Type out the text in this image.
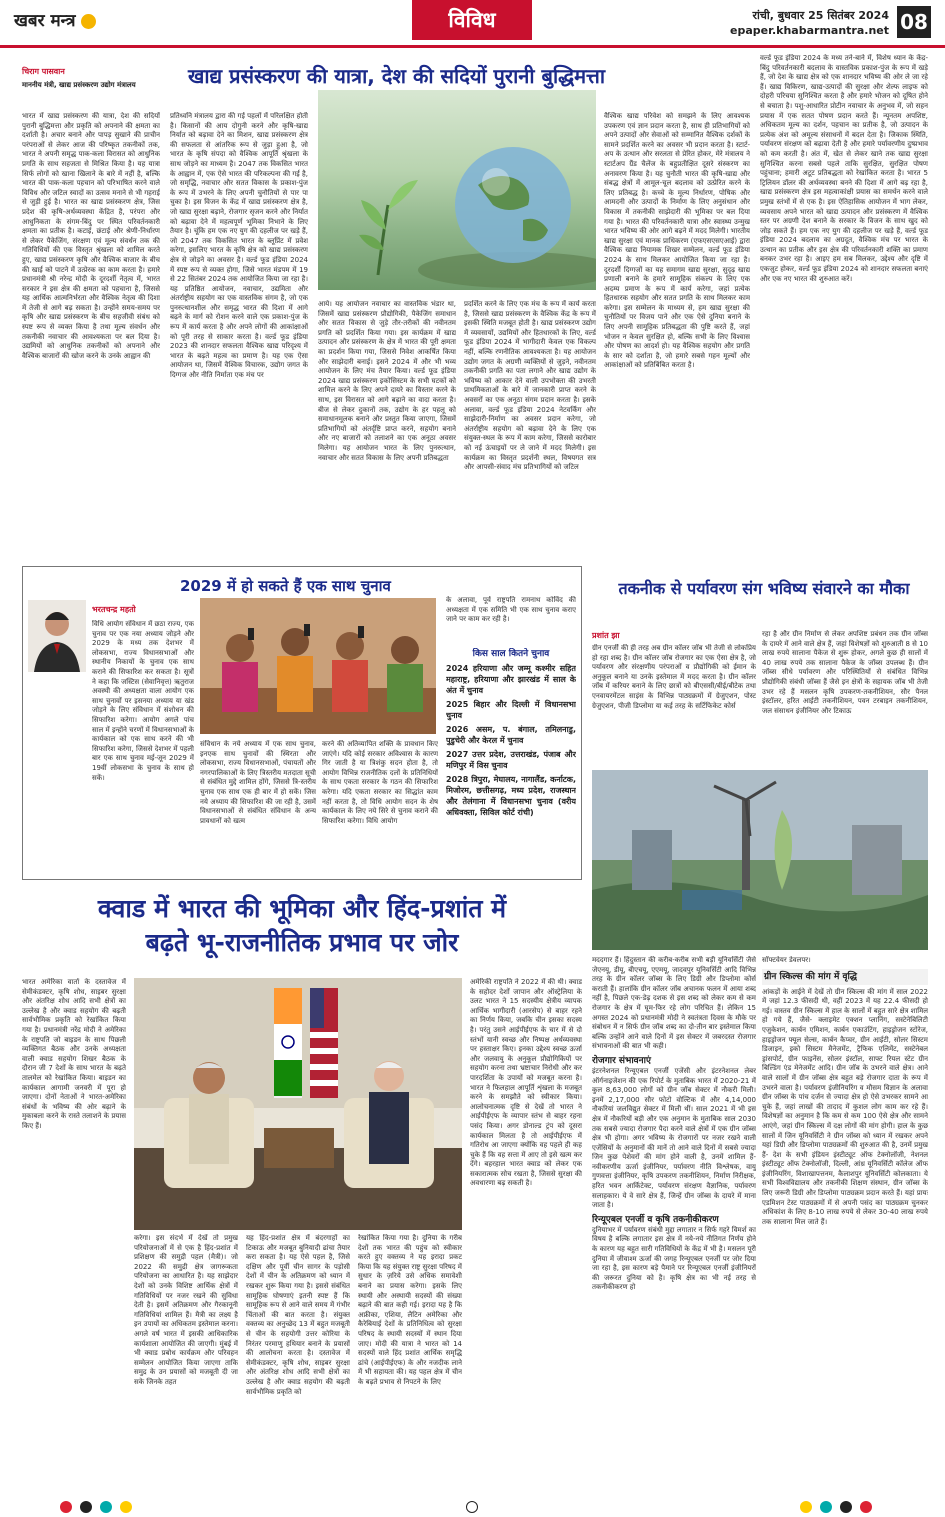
खबर मन्त्र	विविध	रांची, बुधवार 25 सितंबर 2024
epaper.khabarmantra.net 08
चिराग पासवान
माननीय मंत्री, खाद्य प्रसंस्करण उद्योग मंत्रालय	खाद्य प्रसंस्करण की यात्रा, देश की सदियों पुरानी बुद्धिमत्ता
भारत में खाद्य प्रसंस्करण की यात्रा, देश की सदियों पुरानी बुद्धिमत्ता और प्रकृति को अपनाने की क्षमता का दर्शाती है। अचार बनाने और पापड़ सुखाने की प्राचीन परंपराओं से लेकर आज की परिष्कृत तकनीकों तक, भारत ने अपनी समृद्ध पाक-कला विरासत को आधुनिक प्रगति के साथ सहजता से मिश्रित किया है। यह यात्रा सिर्फ लोगों को खाना खिलाने के बारे में नहीं है, बल्कि भारत की पाक-कला पहचान को परिभाषित करने वाले विविध और जटिल स्वादों का उत्सव मनाने से भी गहराई से जुड़ी हुई है। भारत का खाद्य प्रसंस्करण क्षेत्र, जिस प्रदेश की कृषि-अर्थव्यवस्था केंद्रित है, परंपरा और आधुनिकता के संगम-बिंदु पर स्थित परिवर्तनकारी क्षमता का प्रतीक है। कटाई, छंटाई और श्रेणी-निर्धारण से लेकर पैकेजिंग, संरक्षण एवं मूल्य संवर्धन तक की गतिविधियों की एक विस्तृत श्रृंखला को शामिल करते हुए, खाद्य प्रसंस्करण कृषि और वैश्विक बाजार के बीच की खाई को पाटने में उत्प्रेरक का काम करता है। हमारे प्रधानमंत्री श्री नरेन्द्र मोदी के दूरदर्शी नेतृत्व में, भारत सरकार ने इस क्षेत्र की क्षमता को पहचाना है, जिससे यह आर्थिक आत्मनिर्भरता और वैश्विक नेतृत्व की दिशा में तेजी से आगे बढ़ सकता है। उन्होंने समय-समय पर कृषि और खाद्य प्रसंस्करण के बीच सहजीवी संबंध को स्पष्ट रूप से व्यक्त किया है तथा मूल्य संवर्धन और तकनीकी नवाचार की आवश्यकता पर बल दिया है। उद्यमियों को आधुनिक तकनीकों को अपनाने और वैश्विक बाजारों की खोज करने के उनके आह्वान की
प्रतिध्वनि मंत्रालय द्वारा की गई पहलों में परिलक्षित होती है। किसानों की आय दोगुनी करने और कृषि-खाद्य निर्यात को बढ़ावा देने का मिशन, खाद्य प्रसंस्करण क्षेत्र की सफलता से आंतरिक रूप से जुड़ा हुआ है, जो भारत के कृषि संपदा को वैश्विक आपूर्ति श्रृंखला के साथ जोड़ने का माध्यम है। 2047 तक विकसित भारत के आह्वान में, एक ऐसे भारत की परिकल्पना की गई है, जो समृद्धि, नवाचार और सतत विकास के प्रकाश-पुंज के रूप में उभरने के लिए अपनी चुनौतियों से पार पा चुका है। इस विजन के केंद्र में खाद्य प्रसंस्करण क्षेत्र है, जो खाद्य सुरक्षा बढ़ाने, रोजगार सृजन करने और निर्यात को बढ़ावा देने में महत्वपूर्ण भूमिका निभाने के लिए तैयार है। चूंकि हम एक नए युग की दहलीज पर खड़े हैं, जो 2047 तक विकसित भारत के ब्लूप्रिंट में प्रवेश करेगा, इसलिए भारत के कृषि क्षेत्र को खाद्य प्रसंस्करण क्षेत्र से जोड़ने का अवसर है। वर्ल्ड फूड इंडिया 2024 में स्पष्ट रूप से व्यक्त होगा, जिसे भारत मंडपम में 19 से 22 सितंबर 2024 तक आयोजित किया जा रहा है। यह प्रतिष्ठित आयोजन, नवाचार, उद्यमिता और अंतर्राष्ट्रीय सहयोग का एक वास्तविक संगम है, जो एक पुनरुत्थानशील और समृद्ध भारत की दिशा में आगे बढ़ने के मार्ग को रोशन करने वाले एक प्रकाश-पुंज के रूप में कार्य करता है और अपने लोगों की आकांक्षाओं को पूरी तरह से साकार करता है। वर्ल्ड फूड इंडिया 2023 की शानदार सफलता वैश्विक खाद्य परिदृश्य में भारत के बढ़ते महत्व का प्रमाण है। यह एक ऐसा आयोजन था, जिसमें वैश्विक विचारक, उद्योग जगत के दिग्गज और नीति निर्माता एक मंच पर
आये। यह आयोजन नवाचार का वास्तविक भंडार था, जिसमें खाद्य प्रसंस्करण प्रौद्योगिकी, पैकेजिंग समाधान और सतत विकास से जुड़े तौर-तरीकों की नवीनतम प्रगति को प्रदर्शित किया गया। इस कार्यक्रम में खाद्य उत्पादन और प्रसंस्करण के क्षेत्र में भारत की पूरी क्षमता का प्रदर्शन किया गया, जिससे निवेश आकर्षित किया और साझेदारी बनाई। इसने 2024 में और भी भव्य आयोजन के लिए मंच तैयार किया। वर्ल्ड फूड इंडिया 2024 खाद्य प्रसंस्करण इकोसिस्टम के सभी घटकों को शामिल करने के लिए अपने दायरे का विस्तार करने के साथ, इस विरासत को आगे बढ़ाने का वादा करता है। बीज से लेकर दुकानों तक, उद्योग के हर पहलू को समाधानमूलक बनाने और प्रस्तुत किया जाएगा, जिसमें प्रतिभागियों को अंतर्दृष्टि प्राप्त करने, सहयोग बनाने और नए बाजारों को तलाशने का एक अनूठा अवसर मिलेगा। यह आयोजन भारत के लिए पुनरुत्थान, नवाचार और सतत विकास के लिए अपनी प्रतिबद्धता
प्रदर्शित करने के लिए एक मंच के रूप में कार्य करता है, जिससे खाद्य प्रसंस्करण के वैश्विक केंद्र के रूप में इसकी स्थिति मजबूत होती है। खाद्य प्रसंस्करण उद्योग में व्यवसायों, उद्यमियों और हितधारकों के लिए, वर्ल्ड फूड इंडिया 2024 में भागीदारी केवल एक विकल्प नहीं, बल्कि रणनीतिक आवश्यकता है। यह आयोजन उद्योग जगत के अग्रणी व्यक्तियों से जुड़ने, नवीनतम तकनीकी प्रगति का पता लगाने और खाद्य उद्योग के भविष्य को आकार देने वाली उपभोक्ता की उभरती प्राथमिकताओं के बारे में जानकारी प्राप्त करने के अवसरों का एक अनूठा संगम प्रदान करता है। इसके अलावा, वर्ल्ड फूड इंडिया 2024 नेटवर्किंग और साझेदारी-निर्माण का अवसर प्रदान करेगा, जो अंतर्राष्ट्रीय सहयोग को बढ़ावा देने के लिए एक संयुक्त-स्थल के रूप में काम करेगा, जिससे कारोबार को नई ऊंचाइयों पर ले जाने में मदद मिलेगी। इस कार्यक्रम का विस्तृत प्रदर्शनी स्थल, विषयगत सत्र और आपसी-संवाद मंच प्रतिभागियों को जटिल
वैश्विक खाद्य परिवेश को समझने के लिए आवश्यक उपकरण एवं ज्ञान प्रदान करता है, साथ ही प्रतिभागियों को अपने उत्पादों और सेवाओं को सम्मानित वैश्विक दर्शकों के सामने प्रदर्शित करने का अवसर भी प्रदान करता है। स्टार्ट-अप के उत्थान और सरलता से प्रेरित होकर, मेरे मंत्रालय ने स्टार्टअप ग्रैंड चैलेंज के बहुप्रतीक्षित दूसरे संस्करण का अनावरण किया है। यह चुनौती भारत की कृषि-खाद्य और संबद्ध क्षेत्रों में आमूल-चूल बदलाव को उत्प्रेरित करने के लिए प्रतिबद्ध है। कच्चे के मूल्य निर्धारण, पोषिक और आमदनी और उत्पादों के निर्माण के लिए अनुसंधान और विकास में तकनीकी साझेदारी की भूमिका पर बल दिया गया है। भारत की परिवर्तनकारी यात्रा और स्वास्थ्य उन्मुख भारत भविष्य की ओर आगे बढ़ने में मदद मिलेगी। भारतीय खाद्य सुरक्षा एवं मानक प्राधिकरण (एफएसएसएआई) द्वारा वैश्विक खाद्य नियामक शिखर सम्मेलन, वर्ल्ड फूड इंडिया 2024 के साथ मिलकर आयोजित किया जा रहा है। दूरदर्शी दिग्गजों का यह समागम खाद्य सुरक्षा, सुदृढ़ खाद्य प्रणाली बनाने के हमारे सामूहिक संकल्प के लिए एक अदम्य प्रमाण के रूप में कार्य करेगा, जहां प्रत्येक हितधारक सहयोग और सतत प्रगति के साथ मिलकर काम करेगा। इस सम्मेलन के माध्यम से, हम खाद्य सुरक्षा की चुनौतियों पर विजय पाने और एक ऐसे दुनिया बनाने के लिए अपनी सामूहिक प्रतिबद्धता की पुष्टि करते हैं, जहां भोजन न केवल सुरक्षित हो, बल्कि सभी के लिए विश्वास और पोषण का आदर्श हो। यह वैश्विक सहयोग और प्रगति के सार को दर्शाता है, जो हमारे सबसे गहन मूल्यों और आकांक्षाओं को प्रतिबिंबित करता है।
वर्ल्ड फूड इंडिया 2024 के मध्य तने-बाने में, विशेष ध्यान के केंद्र-बिंदु परिवर्तनकारी बदलाव के वास्तविक प्रकाश-पुंज के रूप में खड़े हैं, जो देश के खाद्य क्षेत्र को एक शानदार भविष्य की ओर ले जा रहे हैं। खाद्य विकिरण, खाद्य-उत्पादों की सुरक्षा और शेल्फ लाइफ को दोहरी परिचया सुनिश्चित करता है और हमारे भोजन को दूषित होने से बचाता है। पशु-आधारित प्रोटीन नवाचार के अनुभव में, जो सहन प्रयास में एक सतत पोषण प्रदान करते हैं। न्यूनतम अपशिष्ट, अधिकतम मूल्य का दर्शन, पहचान का प्रतीक है, जो उत्पादन के प्रत्येक अंश को अमूल्य संसाधनों में बदल देता है। जिकाक स्थिति, पर्यावरण संरक्षण को बढ़ावा देती है और हमारे पर्यावरणीय दुष्प्रभाव को कम करती है। अंत में, खेत से लेकर खाने तक खाद्य सुरक्षा सुनिश्चित करना सबसे पहले ताकि सुरक्षित, सुरक्षित पोषण पहुंचाना; हमारी अटूट प्रतिबद्धता को रेखांकित करता है। भारत 5 ट्रिलियन डॉलर की अर्थव्यवस्था बनने की दिशा में आगे बढ़ रहा है, खाद्य प्रसंस्करण क्षेत्र इस महत्वाकांक्षी प्रयास का समर्थन करने वाले प्रमुख स्तंभों में से एक है। इस ऐतिहासिक आयोजन में भाग लेकर, व्यवसाय अपने भारत को खाद्य उत्पादन और प्रसंस्करण में वैश्विक स्तर पर अग्रणी देश बनाने के सरकार के विजन के साथ खुद को जोड़ सकते हैं। हम एक नए युग की दहलीज पर खड़े हैं, वर्ल्ड फूड इंडिया 2024 बदलाव का अग्रदूत, वैश्विक मंच पर भारत के उत्थान का प्रतीक और इस क्षेत्र की परिवर्तनकारी शक्ति का प्रमाण बनकर उभर रहा है। आइए हम सब मिलकर, उद्देश्य और दृष्टि में एकजुट होकर, वर्ल्ड फूड इंडिया 2024 को शानदार सफलता बनाएं और एक नए भारत की शुरुआत करें।
2029 में हो सकते हैं एक साथ चुनाव
भरतचन्द्र महतो
विधि आयोग संविधान में छठा राज्य, एक चुनाव पर एक नया अध्याय जोड़ने और 2029 के मध्य तक देशभर में लोकसभा, राज्य विधानसभाओं और स्थानीय निकायों के चुनाव एक साथ कराने की सिफारिश कर सकता है। सूत्रों ने कहा कि जस्टिस (सेवानिवृत्त) ऋतुराज अवस्थी की अध्यक्षता वाला आयोग एक साथ चुनावों पर इसनया अध्याय या खंड जोड़ने के लिए संविधान में संशोधन की सिफारिश करेगा। आयोग अगले पांच साल में इन्होंने चरणों में विधानसभाओं के कार्यकाल को एक साथ करने की भी सिफारिश करेगा, जिससे देशभर में पहली बार एक साथ चुनाव मई-जून 2029 में 19वीं लोकसभा के चुनाव के साथ हो सकें।
संविधान के नये अध्याय में एक साथ चुनाव, इनएक साथ चुनावों की स्थिरता और लोकसभा, राज्य विधानसभाओं, पंचायतों और नगरपालिकाओं के लिए त्रिस्तरीय मतदाता सूची से संबंधित मुद्दे शामिल होंगे, जिससे त्रि-स्तरीय चुनाव एक साथ एक ही बार में हो सकें। जिस नये अध्याय की सिफारिश की जा रही है, उसमें विधानसभाओं से संबंधित संविधान के अन्य प्रावधानों को खत्म
करने की अतिव्यापित शक्ति के प्रावधान किए जाएंगे। यदि कोई सरकार अविश्वास के कारण गिर जाती है या त्रिशंकु सदन होता है, तो आयोग विभिन्न राजनीतिक दलों के प्रतिनिधियों के साथ एकता सरकार के गठन की सिफारिश करेगा। यदि एकता सरकार का सिद्धांत काम नहीं करता है, तो विधि आयोग सदन के शेष कार्यकाल के लिए नये सिरे से चुनाव कराने की सिफारिश करेगा। विधि आयोग
के अलावा, पूर्व राष्ट्रपति रामनाथ कोविंद की अध्यक्षता में एक समिति भी एक साथ चुनाव कराए जाने पर काम कर रही है।
किस साल कितने चुनाव
2024 हरियाणा और जम्मू कश्मीर सहित महाराष्ट्र, हरियाणा और झारखंड में साल के अंत में चुनाव
2025 बिहार और दिल्ली में विधानसभा चुनाव
2026 असम, प. बंगाल, तमिलनाडु, पुडुचेरी और केरल में चुनाव
2027 उत्तर प्रदेश, उत्तराखंड, पंजाब और मणिपुर में विस चुनाव
2028 त्रिपुरा, मेघालय, नागालैंड, कर्नाटक, मिजोरम, छत्तीसगढ़, मध्य प्रदेश, राजस्थान और तेलंगाना में विधानसभा चुनाव (वरीय अधिवक्ता, सिविल कोर्ट रांची)
तकनीक से पर्यावरण संग भविष्य संवारने का मौका
प्रशांत झा
ग्रीन एनर्जी की ही तरह अब ग्रीन कॉलर जॉब भी तेजी से लोकप्रिय हो रहा शब्द है। ग्रीन कॉलर जॉब रोजगार का एक ऐसा क्षेत्र है, जो पर्यावरण और संरक्षणीय परंपराओं व प्रौद्योगिकी को ईमान के अनुकूल बनाने या उनके इस्तेमाल में मदद करता है। ग्रीन कॉलर जॉब में करियर बनाने के लिए छात्रों को बीएससी/बीई/बीटेक तथा एनवायरमेंटल साइंस के विभिन्न पाठ्यक्रमों में ग्रेजुएशन, पोस्ट ग्रेजुएशन, पीजी डिप्लोमा या कई तरह के सर्टिफिकेट कोर्स
रहा है और ग्रीन निर्माण से लेकर अपशिष्ट प्रबंधन तक ग्रीन जॉब्स के दायरे में आने वाले क्षेत्र हैं, जहां विशेषज्ञों को शुरुआती 8 से 10 लाख रुपये सालाना पैकेज से शुरू होकर, अगले कुछ ही सालों में 40 लाख रुपये तक सालाना पैकेज के जॉब्स उपलब्ध हैं। ग्रीन जॉब्स सीधे पर्यावरण और परिस्थितियों से संबंधित विभिन्न प्रौद्योगिकी संबंधी जॉब्स हैं जैसे इन क्षेत्रों के सहायक जॉब भी तेजी उभर रहे हैं मसलन कृषि उपकरण-तकनीशियन, सौर पैनल इंस्टॉलर, हरित आईटी तकनीशियन, पवन टरबाइन तकनीशियन, जल संसाधन इंजीनियर और टिकाऊ
मददगार हैं। हिंदुस्तान की करीब-करीब सभी बड़ी यूनिवर्सिटी जैसे जेएनयू, डीयू, बीएचयू, एएमयू, जादवपुर यूनिवर्सिटी आदि विभिन्न तरह के ग्रीन कॉलर जॉब्स के लिए डिग्री और डिप्लोमा कोर्स कराती हैं। हालांकि ग्रीन कॉलर जॉब अचानक फलन में आया शब्द नहीं है, पिछले एक-डेढ़ दशक से इस शब्द को लेकर कम से कम रोजगार के क्षेत्र में घूम-फिर रहे लोग परिचित हैं। लेकिन 15 अगस्त 2024 को प्रधानमंत्री मोदी ने स्वतंत्रता दिवस के मौके पर संबोधन में न सिर्फ ग्रीन जॉब शब्द का दो-तीन बार इस्तेमाल किया बल्कि उन्होंने आने वाले दिनों में इस सेक्टर में जबरदस्त रोजगार संभावनाओं की बात भी कही।
रोजगार संभावनाएं
इंटरनेशनल रिन्यूएबल एनर्जी एजेंसी और इंटरनेशनल लेबर ऑर्गनाइजेशन की एक रिपोर्ट के मुताबिक भारत में 2020-21 में कुल 8,63,000 लोगों को ग्रीन जॉब सेक्टर में नौकरी मिली। इनमें 2,17,000 सौर फोटो वोल्टिक में और 4,14,000 नौकरियां जलविद्युत सेक्टर में मिली थीं। साल 2021 में भी इस क्षेत्र में नौकरियों बड़ी और एक अनुमान के मुताबिक साल 2030 तक सबसे ज्यादा रोजगार पैदा करने वाले क्षेत्रों में एक ग्रीन जॉब्स क्षेत्र भी होगा। अगर भविष्य के रोजगारों पर नजर रखने वाली एजेंसियों के अनुमानों की मानें तो आने वाले दिनों में सबसे ज्यादा जिन कुछ पेशेवरों की मांग होने वाली है, उनमें शामिल हैं- नवीकरणीय ऊर्जा इंजीनियर, पर्यावरण नीति विश्लेषक, वायु गुणवत्ता इंजीनियर, कृषि उपकरण तकनीशियन, निर्माण निरीक्षक, हरित भवन आर्किटेक्ट, पर्यावरण संरक्षण वैज्ञानिक, पर्यावरण सलाहकार। ये वे सारे क्षेत्र हैं, जिन्हें ग्रीन जॉब्स के दायरे में माना जाता है।
रिन्यूएबल एनर्जी व कृषि तकनीकीकरण
दुनियाभर में पर्यावरण संबंधी मुद्दा लगातार न सिर्फ गहरे विमर्श का विषय है बल्कि लगातार इस क्षेत्र में नये-नये नीतिगत निर्णय होने के कारण यह बहुत सारी गतिविधियों के केंद्र में भी है। मसलन पूरी दुनिया में जीवाश्म ऊर्जा की जगह रिन्यूएबल एनर्जी पर जोर दिया जा रहा है, इस कारण बड़े पैमाने पर रिन्यूएबल एनर्जी इंजीनियरों की जरूरत दुनिया को है। कृषि क्षेत्र का भी नई तरह से तकनीकीकरण हो
सॉफ्टवेयर डेवलपर।
ग्रीन स्किल्स की मांग में वृद्धि
आंकड़ों के आईने में देखें तो ग्रीन स्किल्स की मांग में साल 2022 में जहां 12.3 फीसदी थी, वहीं 2023 में यह 22.4 फीसदी हो गई। वास्तव ग्रीन स्किल्स में हाल के सालों में बहुत सारे क्षेत्र शामिल हो गये हैं, जैसे- क्लाइमेट एक्शन प्लानिंग, सस्टेनेबिलिटी एजुकेशन, कार्बन एमिशन, कार्बन एकाउंटिंग, हाइड्रोजन स्टोरेज, हाइड्रोजन फ्यूल सेल्स, कार्बन कैप्चर, ग्रीन आईटी, सोलर सिस्टम डिजाइन, इको सिस्टम मैनेजमेंट, ट्रैफिक एलिमेंट, सस्टेनेबल ड्रांसपोर्ट, ग्रीन फाइनेंस, सोलर इंस्टॉल, साफ्ट रियल स्टेट ग्रीन बिल्डिंग एंड मेनेजमेंट आदि। ग्रीन जॉब के उभरने वाले क्षेत्र। आने वाले सालों में ग्रीन जॉब्स क्षेत्र बहुत बड़े रोजगार दाता के रूप में उभरने वाला है। पर्यावरण इंजीनियरिंग व मौसम विज्ञान के अलावा ग्रीन जॉब्स के पांच दर्जन से ज्यादा क्षेत्र हो ऐसे उभरकर सामने आ चुके हैं, जहां लाखों की तादाद में कुशल लोग काम कर रहे हैं। विशेषज्ञों का अनुमान है कि कम से कम 100 ऐसे क्षेत्र और सामने आएंगे, जहां ग्रीन स्किल्स में दक्ष लोगों की मांग होगी। हाल के कुछ सालों में जिन यूनिवर्सिटी ने ग्रीन जॉब्स को ध्यान में रखकर अपने यहां डिग्री और डिप्लोमा पाठ्यक्रमों की शुरुआत की है, उनमें प्रमुख हैं- देश के सभी इंडियन इंस्टीट्यूट ऑफ टेक्नोलॉजी, नेशनल इंस्टीट्यूट ऑफ टेक्नोलॉजी, दिल्ली, आंध्र यूनिवर्सिटी कॉलेज ऑफ इंजीनियरिंग, विशाखापत्तनम, कैलाशपुर यूनिवर्सिटी कोलकाता। ये सभी विश्वविद्यालय और तकनीकी शिक्षण संस्थान, ग्रीन जॉब्स के लिए जरूरी डिग्री और डिप्लोमा पाठ्यक्रम प्रदान करते हैं। यहां प्रायः एडमिशन टेस्ट पाठ्यक्रमों में से अपनी पसंद का पाठ्यक्रम चुनकर अधिकांश के लिए 8-10 लाख रुपये से लेकर 30-40 लाख रुपये तक सालाना मिल जाते हैं।
क्वाड में भारत की भूमिका और हिंद-प्रशांत में
बढ़ते भू-राजनीतिक प्रभाव पर जोर
भारत अमेरिका वार्ता के दस्तावेज में सेमीकंडक्टर, कृषि शोध, साइबर सुरक्षा और अंतरिक्ष शोध आदि सभी क्षेत्रों का उल्लेख है और क्वाड सहयोग की बढ़ती सार्वभौमिक प्रकृति को रेखांकित किया गया है। प्रधानमंत्री नरेंद्र मोदी ने अमेरिका के राष्ट्रपति जो बाइडन के साथ पिछली व्यक्तिगत बैठक और उनके अध्यक्षता वाली क्वाड सहयोग शिखर बैठक के दौरान जी 7 देशों के साथ भारत के बढ़ते तालमेल को रेखांकित किया। बाइडन का कार्यकाल आगामी जनवरी में पूरा हो जाएगा। दोनों नेताओं ने भारत-अमेरिका संबंधों के भविष्य की ओर बढ़ाने के मुकाबला करने के रास्ते तलाशने के प्रयास किए हैं।
करेगा। इस संदर्भ में देखें तो प्रमुख परियोजनाओं में से एक है हिंद-प्रशांत में प्रशिक्षण की समुद्री पहल (मैत्री)। जो 2022 की समुद्री क्षेत्र जागरूकता परियोजना का आधारित है। यह साझेदार देशों को उनके विशिष्ट आर्थिक क्षेत्रों में गतिविधियों पर नजर रखने की सुविधा देती है। इसमें अतिक्रमण और गैरकानूनी गतिविधियां शामिल हैं। मैत्री का लक्ष्य है इन उपायों का अधिकतम इस्तेमाल करना। अगले वर्ष भारत में इसकी आधिकारिक कार्यशाला आयोजित की जाएगी। मुंबई में भी क्वाड प्रबोध कार्यक्रम और परिवहन सम्मेलन आयोजित किया जाएगा ताकि समुद्र के उन प्रयासों को मजबूती दी जा सके जिनके तहत
यह हिंद-प्रशांत क्षेत्र में बंदरगाहों का टिकाऊ और मजबूत बुनियादी ढांचा तैयार करा सकता है। यह ऐसे पहल है, जिसे दक्षिण और पूर्वी चीन सागर के पड़ोसी देशों में चीन के अतिक्रमण को ध्यान में रखकर शुरू किया गया है। इससे संबंधित सामूहिक घोषणाएं इतनी स्पष्ट हैं कि सामूहिक रूप से आने वाले समय में गंभीर चिंताओं की बात करता है। संयुक्त वक्तव्य का अनुच्छेद 13 में बहुत मजबूती से चीन के सहयोगी उत्तर कोरिया के निरंतर परमाणु हथियार बनाने के प्रयासों की आलोचना करता है। दस्तावेज में सेमीकंडक्टर, कृषि शोध, साइबर सुरक्षा और अंतरिक्ष शोध आदि सभी क्षेत्रों का उल्लेख है और क्वाड सहयोग की बढ़ती सार्वभौमिक प्रकृति को
रेखांकित किया गया है। दुनिया के गरीब देशों तक भारत की पहुंच को स्वीकार करते हुए वक्तव्य ने यह इरादा प्रकट किया कि यह संयुक्त राष्ट्र सुरक्षा परिषद में सुधार के ज़रिये उसे अधिक समावेशी बनाने का प्रयास करेगा। इसके लिए स्थायी और अस्थायी सदस्यों की संख्या बढ़ाने की बात कही गई। इरादा यह है कि अफ्रीका, एशिया, लैटिन अमेरिका और कैरेबियाई देशों के प्रतिनिधित्व को सुरक्षा परिषद के स्थायी सदस्यों में स्थान दिया जाए। मोदी की यात्रा ने भारत को 14 सदस्यों वाले हिंद प्रशांत आर्थिक समृद्धि ढांचे (आईपीईएफ) के और नजदीक लाने में भी सहायता की। यह पहल क्षेत्र में चीन के बढ़ते प्रभाव से निपटने के लिए
अमेरिकी राष्ट्रपति ने 2022 में की थी। क्वाड के सहोदर देशों जापान और ऑस्ट्रेलिया के उलट भारत ने 15 सदस्यीय क्षेत्रीय व्यापक आर्थिक भागीदारी (आरसेप) से बाहर रहने का निर्णय किया, जबकि चीन इसका सदस्य है। परंतु उसने आईपीईएफ के चार में से दो स्तंभों यानी स्वच्छ और निष्पक्ष अर्थव्यवस्था पर हस्ताक्षर किए। इनका उद्देश्य स्वच्छ ऊर्जा और जलवायु के अनुकूल प्रौद्योगिकियों पर सहयोग करना तथा भ्रष्टाचार निरोधी और कर पारदर्शिता के उपायों को मजबूत करना है। भारत ने फिलहाल आपूर्ति शृंखला के मजबूत करने के समझौते को स्वीकार किया। आलोचनात्मक दृष्टि से देखें तो भारत ने आईपीईएफ के व्यापार स्तंभ से बाहर रहना पसंद किया। अगर डोनाल्ड ट्रंप को दूसरा कार्यकाल मिलता है तो आईपीईएफ में गतिरोध आ जाएगा क्योंकि वह पहले ही कह चुके हैं कि वह सत्ता में आए तो इसे खत्म कर देंगे। बहरहाल भारत क्वाड को लेकर एक सकारात्मक सोच रखता है, जिससे सुरक्षा की अवधारणा बढ़ सकती है।
